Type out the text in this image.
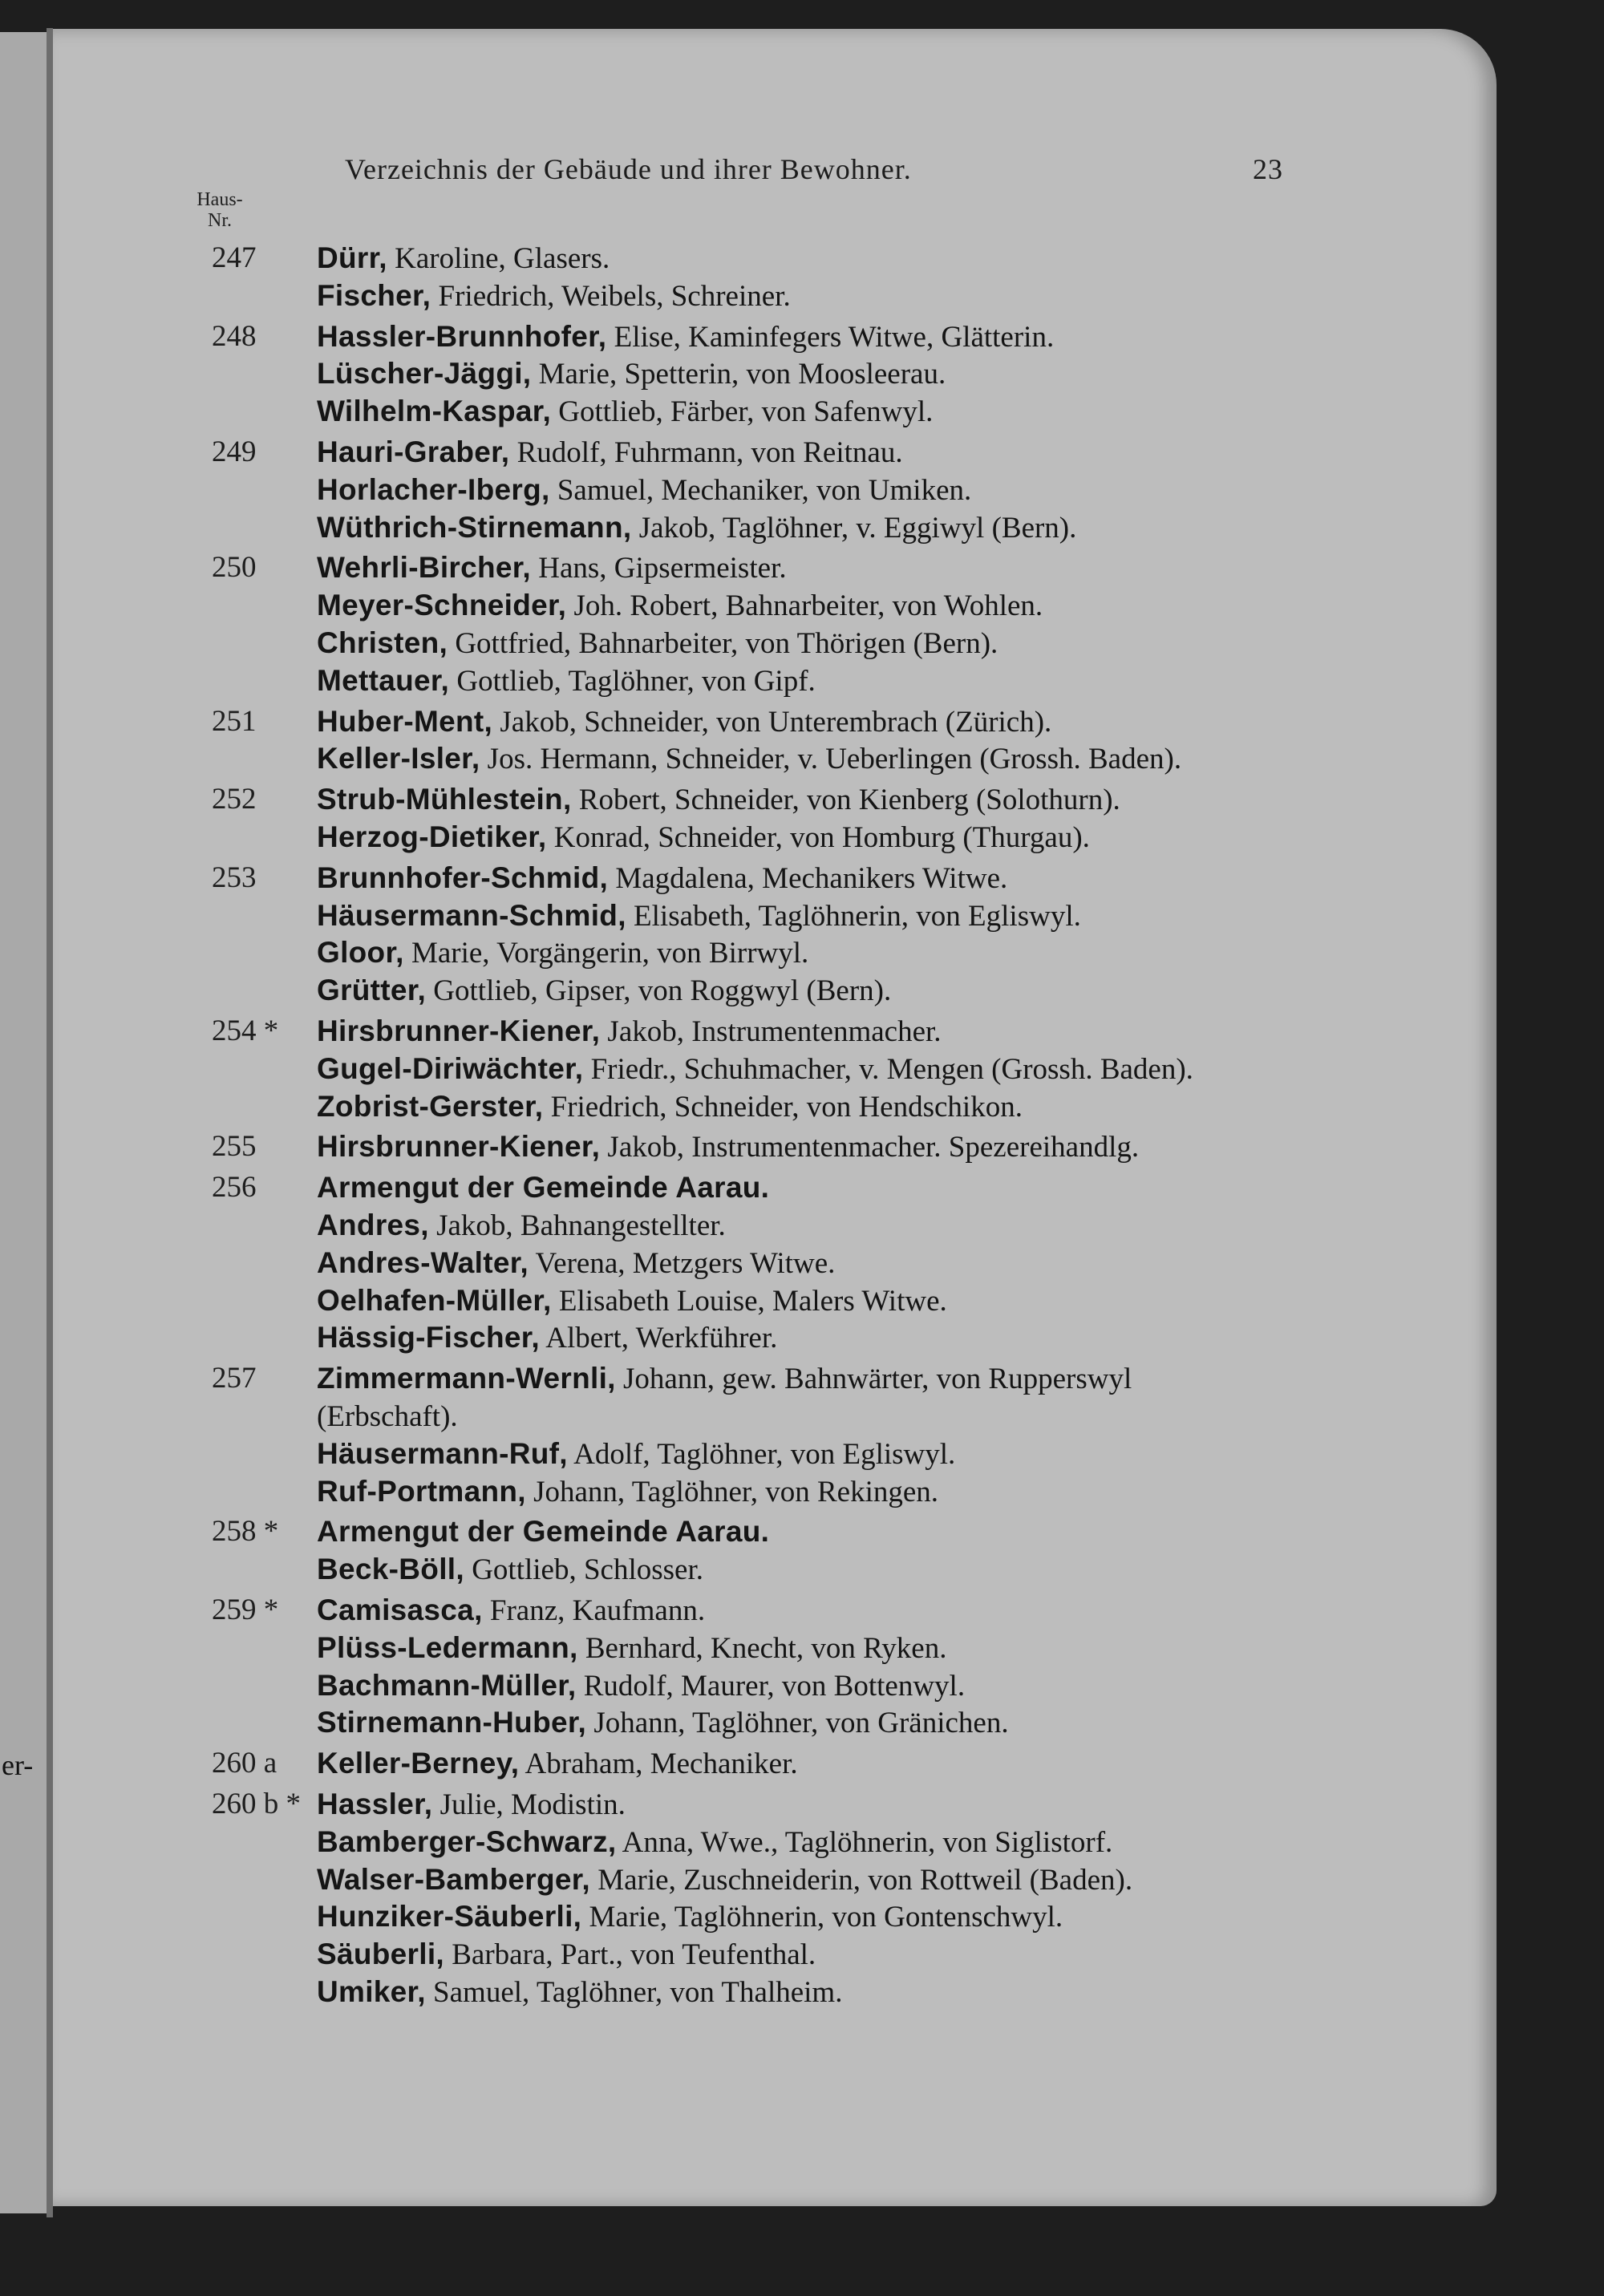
er-
Verzeichnis der Gebäude und ihrer Bewohner.	23
Haus-
Nr.
247	Dürr, Karoline, Glasers.
Fischer, Friedrich, Weibels, Schreiner.
248	Hassler-Brunnhofer, Elise, Kaminfegers Witwe, Glätterin.
Lüscher-Jäggi, Marie, Spetterin, von Moosleerau.
Wilhelm-Kaspar, Gottlieb, Färber, von Safenwyl.
249	Hauri-Graber, Rudolf, Fuhrmann, von Reitnau.
Horlacher-Iberg, Samuel, Mechaniker, von Umiken.
Wüthrich-Stirnemann, Jakob, Taglöhner, v. Eggiwyl (Bern).
250	Wehrli-Bircher, Hans, Gipsermeister.
Meyer-Schneider, Joh. Robert, Bahnarbeiter, von Wohlen.
Christen, Gottfried, Bahnarbeiter, von Thörigen (Bern).
Mettauer, Gottlieb, Taglöhner, von Gipf.
251	Huber-Ment, Jakob, Schneider, von Unterembrach (Zürich).
Keller-Isler, Jos. Hermann, Schneider, v. Ueberlingen (Grossh. Baden).
252	Strub-Mühlestein, Robert, Schneider, von Kienberg (Solothurn).
Herzog-Dietiker, Konrad, Schneider, von Homburg (Thurgau).
253	Brunnhofer-Schmid, Magdalena, Mechanikers Witwe.
Häusermann-Schmid, Elisabeth, Taglöhnerin, von Egliswyl.
Gloor, Marie, Vorgängerin, von Birrwyl.
Grütter, Gottlieb, Gipser, von Roggwyl (Bern).
254 *	Hirsbrunner-Kiener, Jakob, Instrumentenmacher.
Gugel-Diriwächter, Friedr., Schuhmacher, v. Mengen (Grossh. Baden).
Zobrist-Gerster, Friedrich, Schneider, von Hendschikon.
255	Hirsbrunner-Kiener, Jakob, Instrumentenmacher. Spezereihandlg.
256	Armengut der Gemeinde Aarau.
Andres, Jakob, Bahnangestellter.
Andres-Walter, Verena, Metzgers Witwe.
Oelhafen-Müller, Elisabeth Louise, Malers Witwe.
Hässig-Fischer, Albert, Werkführer.
257	Zimmermann-Wernli, Johann, gew. Bahnwärter, von Rupperswyl
(Erbschaft).
Häusermann-Ruf, Adolf, Taglöhner, von Egliswyl.
Ruf-Portmann, Johann, Taglöhner, von Rekingen.
258 *	Armengut der Gemeinde Aarau.
Beck-Böll, Gottlieb, Schlosser.
259 *	Camisasca, Franz, Kaufmann.
Plüss-Ledermann, Bernhard, Knecht, von Ryken.
Bachmann-Müller, Rudolf, Maurer, von Bottenwyl.
Stirnemann-Huber, Johann, Taglöhner, von Gränichen.
260 a	Keller-Berney, Abraham, Mechaniker.
260 b * Hassler, Julie, Modistin.
Bamberger-Schwarz, Anna, Wwe., Taglöhnerin, von Siglistorf.
Walser-Bamberger, Marie, Zuschneiderin, von Rottweil (Baden).
Hunziker-Säuberli, Marie, Taglöhnerin, von Gontenschwyl.
Säuberli, Barbara, Part., von Teufenthal.
Umiker, Samuel, Taglöhner, von Thalheim.
